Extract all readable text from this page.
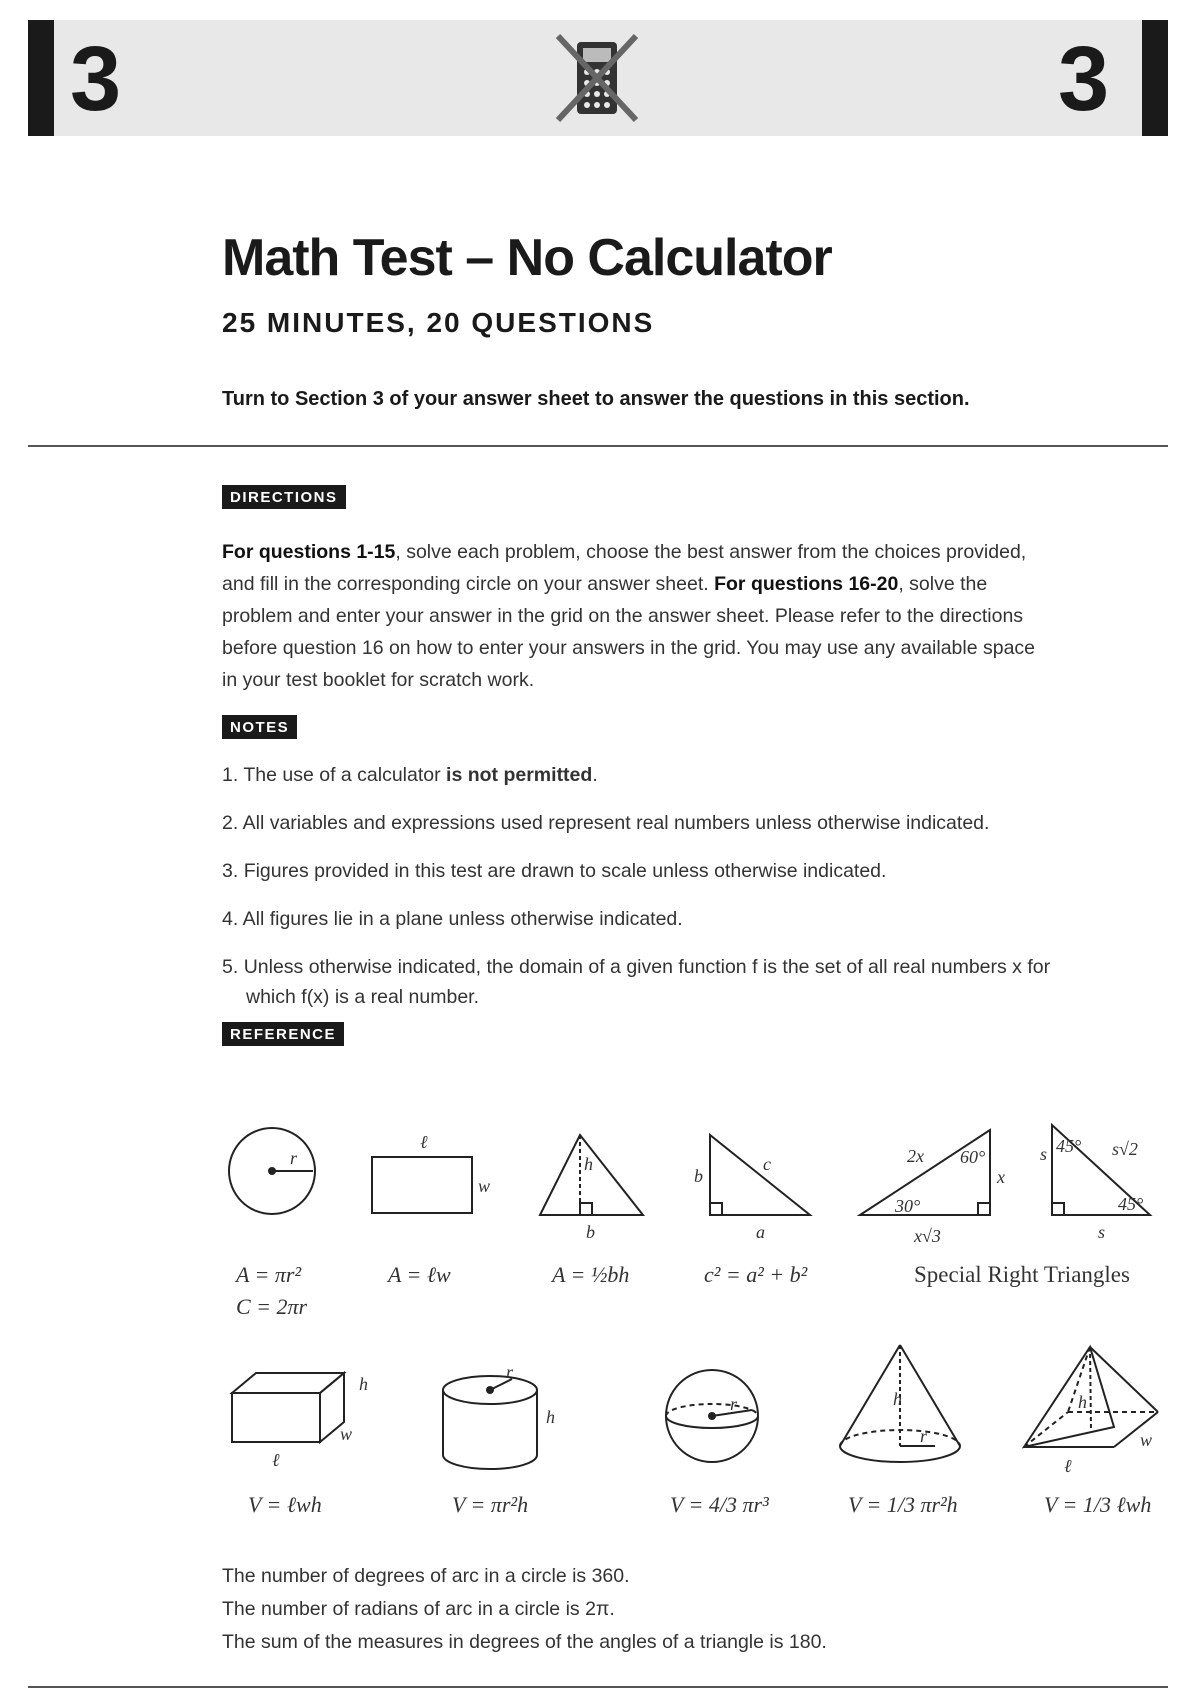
3	3
Math Test – No Calculator
25 MINUTES, 20 QUESTIONS
Turn to Section 3 of your answer sheet to answer the questions in this section.
DIRECTIONS
For questions 1-15, solve each problem, choose the best answer from the choices provided, and fill in the corresponding circle on your answer sheet. For questions 16-20, solve the problem and enter your answer in the grid on the answer sheet. Please refer to the directions before question 16 on how to enter your answers in the grid. You may use any available space in your test booklet for scratch work.
NOTES
1. The use of a calculator is not permitted.
2. All variables and expressions used represent real numbers unless otherwise indicated.
3. Figures provided in this test are drawn to scale unless otherwise indicated.
4. All figures lie in a plane unless otherwise indicated.
5. Unless otherwise indicated, the domain of a given function f is the set of all real numbers x for which f(x) is a real number.
REFERENCE
r
ℓ
w
h
b
b
c
a
2x 60°
x
30°
x√3
s 45° s√2
45°
s
h
w
ℓ
r
h
r	h
r
h
ℓ
w
A = πr²
C = 2πr
A = ℓw	A = ½bh	c² = a² + b²	Special Right Triangles
V = ℓwh	V = πr²h	V = 4/3 πr³	V = 1/3 πr²h	V = 1/3 ℓwh
The number of degrees of arc in a circle is 360.
The number of radians of arc in a circle is 2π.
The sum of the measures in degrees of the angles of a triangle is 180.
